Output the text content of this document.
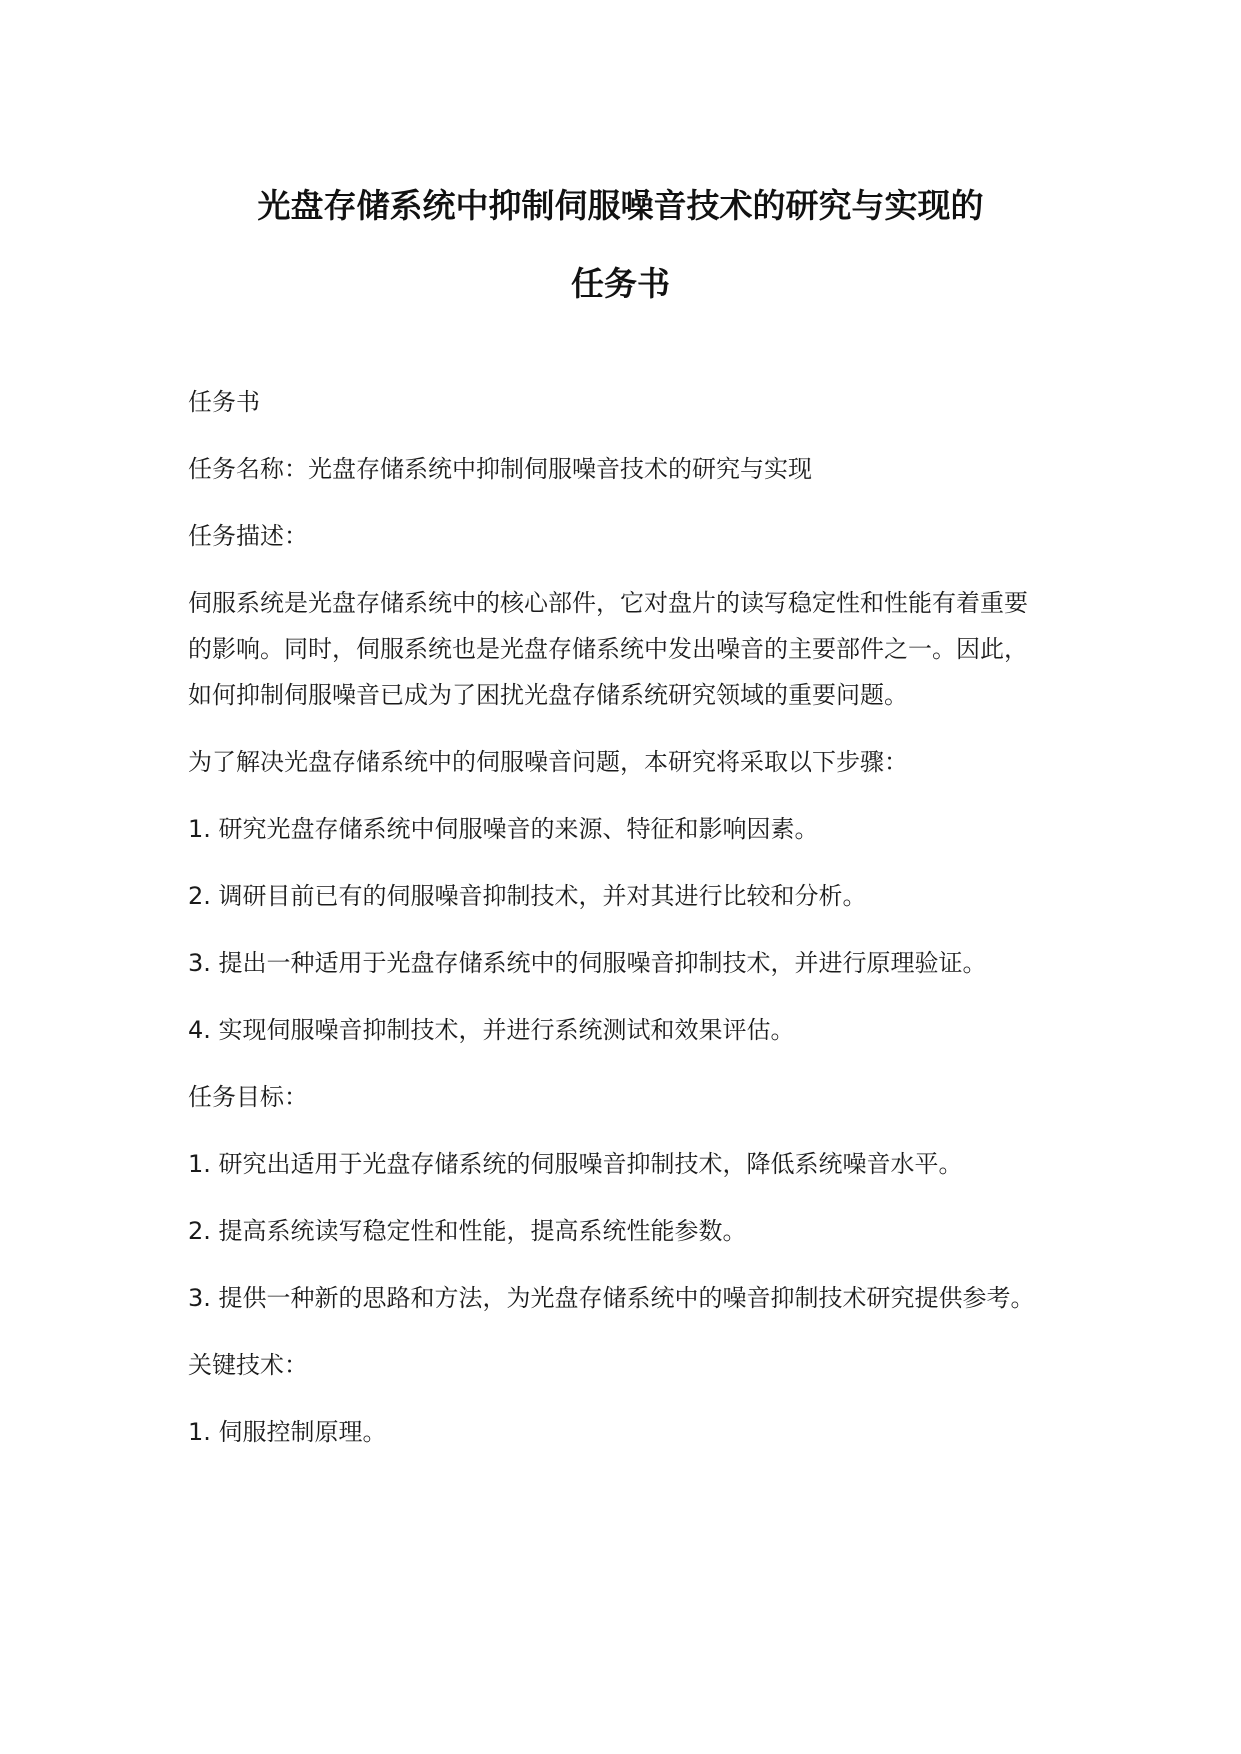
光盘存储系统中抑制伺服噪音技术的研究与实现的
任务书

任务书

任务名称：光盘存储系统中抑制伺服噪音技术的研究与实现

任务描述：

伺服系统是光盘存储系统中的核心部件，它对盘片的读写稳定性和性能有着重要的影响。同时，伺服系统也是光盘存储系统中发出噪音的主要部件之一。因此，如何抑制伺服噪音已成为了困扰光盘存储系统研究领域的重要问题。

为了解决光盘存储系统中的伺服噪音问题，本研究将采取以下步骤：

1. 研究光盘存储系统中伺服噪音的来源、特征和影响因素。

2. 调研目前已有的伺服噪音抑制技术，并对其进行比较和分析。

3. 提出一种适用于光盘存储系统中的伺服噪音抑制技术，并进行原理验证。

4. 实现伺服噪音抑制技术，并进行系统测试和效果评估。

任务目标：

1. 研究出适用于光盘存储系统的伺服噪音抑制技术，降低系统噪音水平。

2. 提高系统读写稳定性和性能，提高系统性能参数。

3. 提供一种新的思路和方法，为光盘存储系统中的噪音抑制技术研究提供参考。

关键技术：

1. 伺服控制原理。
